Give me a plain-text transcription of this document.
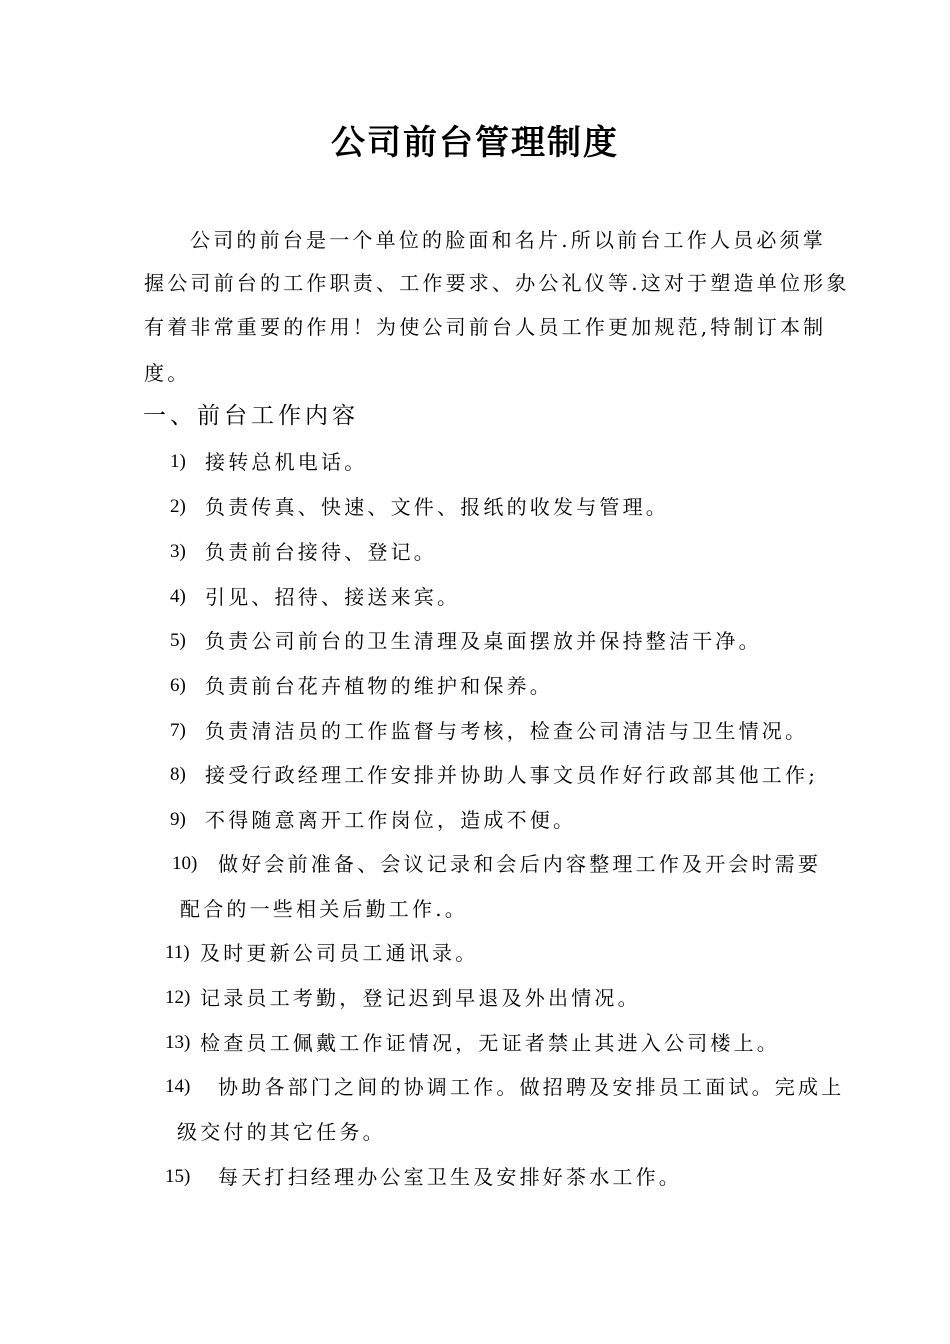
公司前台管理制度
公司的前台是一个单位的脸面和名片.所以前台工作人员必须掌
握公司前台的工作职责、工作要求、办公礼仪等.这对于塑造单位形象
有着非常重要的作用！为使公司前台人员工作更加规范,特制订本制
度。
一、前台工作内容
1) 接转总机电话。
2) 负责传真、快速、文件、报纸的收发与管理。
3) 负责前台接待、登记。
4) 引见、招待、接送来宾。
5) 负责公司前台的卫生清理及桌面摆放并保持整洁干净。
6) 负责前台花卉植物的维护和保养。
7) 负责清洁员的工作监督与考核，检查公司清洁与卫生情况。
8) 接受行政经理工作安排并协助人事文员作好行政部其他工作;
9) 不得随意离开工作岗位，造成不便。
10) 做好会前准备、会议记录和会后内容整理工作及开会时需要
配合的一些相关后勤工作.。
11) 及时更新公司员工通讯录。
12) 记录员工考勤，登记迟到早退及外出情况。
13) 检查员工佩戴工作证情况，无证者禁止其进入公司楼上。
14) 协助各部门之间的协调工作。做招聘及安排员工面试。完成上
级交付的其它任务。
15) 每天打扫经理办公室卫生及安排好茶水工作。
